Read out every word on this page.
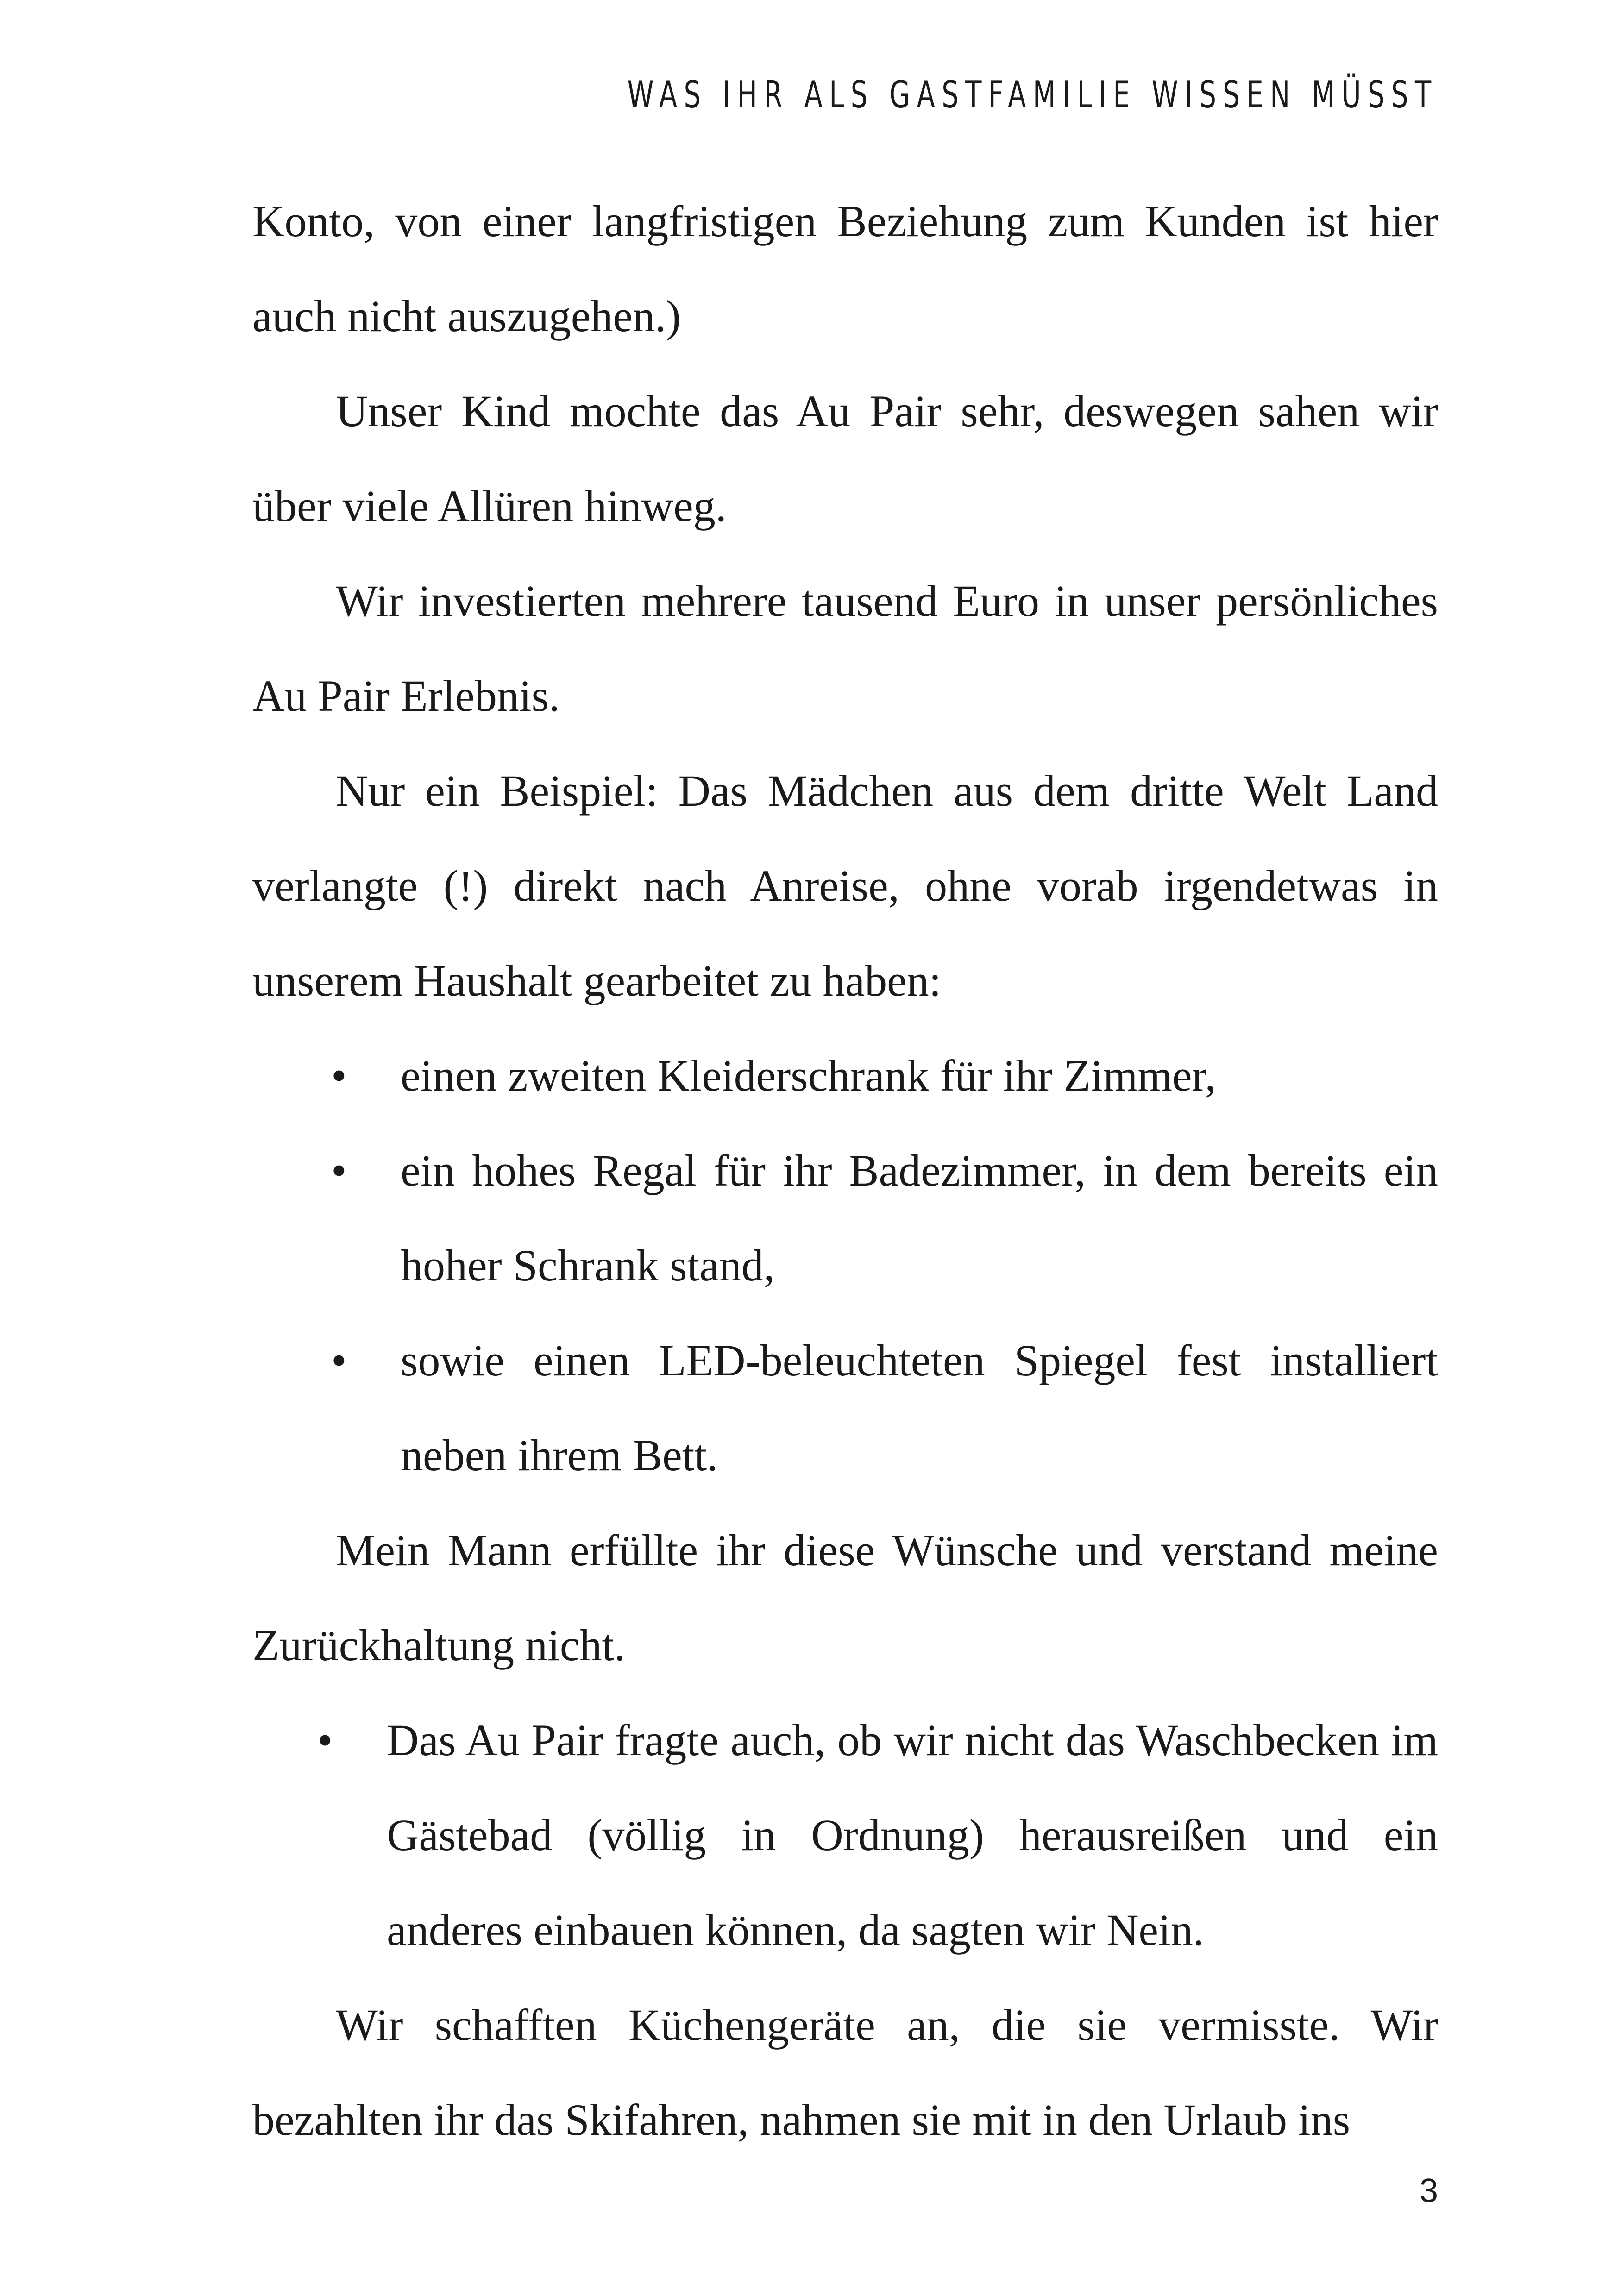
WAS IHR ALS GASTFAMILIE WISSEN MÜSST

Konto, von einer langfristigen Beziehung zum Kunden ist hier auch nicht auszugehen.)

Unser Kind mochte das Au Pair sehr, deswegen sahen wir über viele Allüren hinweg.

Wir investierten mehrere tausend Euro in unser persönliches Au Pair Erlebnis.

Nur ein Beispiel: Das Mädchen aus dem dritte Welt Land verlangte (!) direkt nach Anreise, ohne vorab irgendetwas in unserem Haushalt gearbeitet zu haben:

• einen zweiten Kleiderschrank für ihr Zimmer,
• ein hohes Regal für ihr Badezimmer, in dem bereits ein hoher Schrank stand,
• sowie einen LED-beleuchteten Spiegel fest installiert neben ihrem Bett.

Mein Mann erfüllte ihr diese Wünsche und verstand meine Zurückhaltung nicht.

• Das Au Pair fragte auch, ob wir nicht das Waschbecken im Gästebad (völlig in Ordnung) herausreißen und ein anderes einbauen können, da sagten wir Nein.

Wir schafften Küchengeräte an, die sie vermisste. Wir bezahlten ihr das Skifahren, nahmen sie mit in den Urlaub ins

3
